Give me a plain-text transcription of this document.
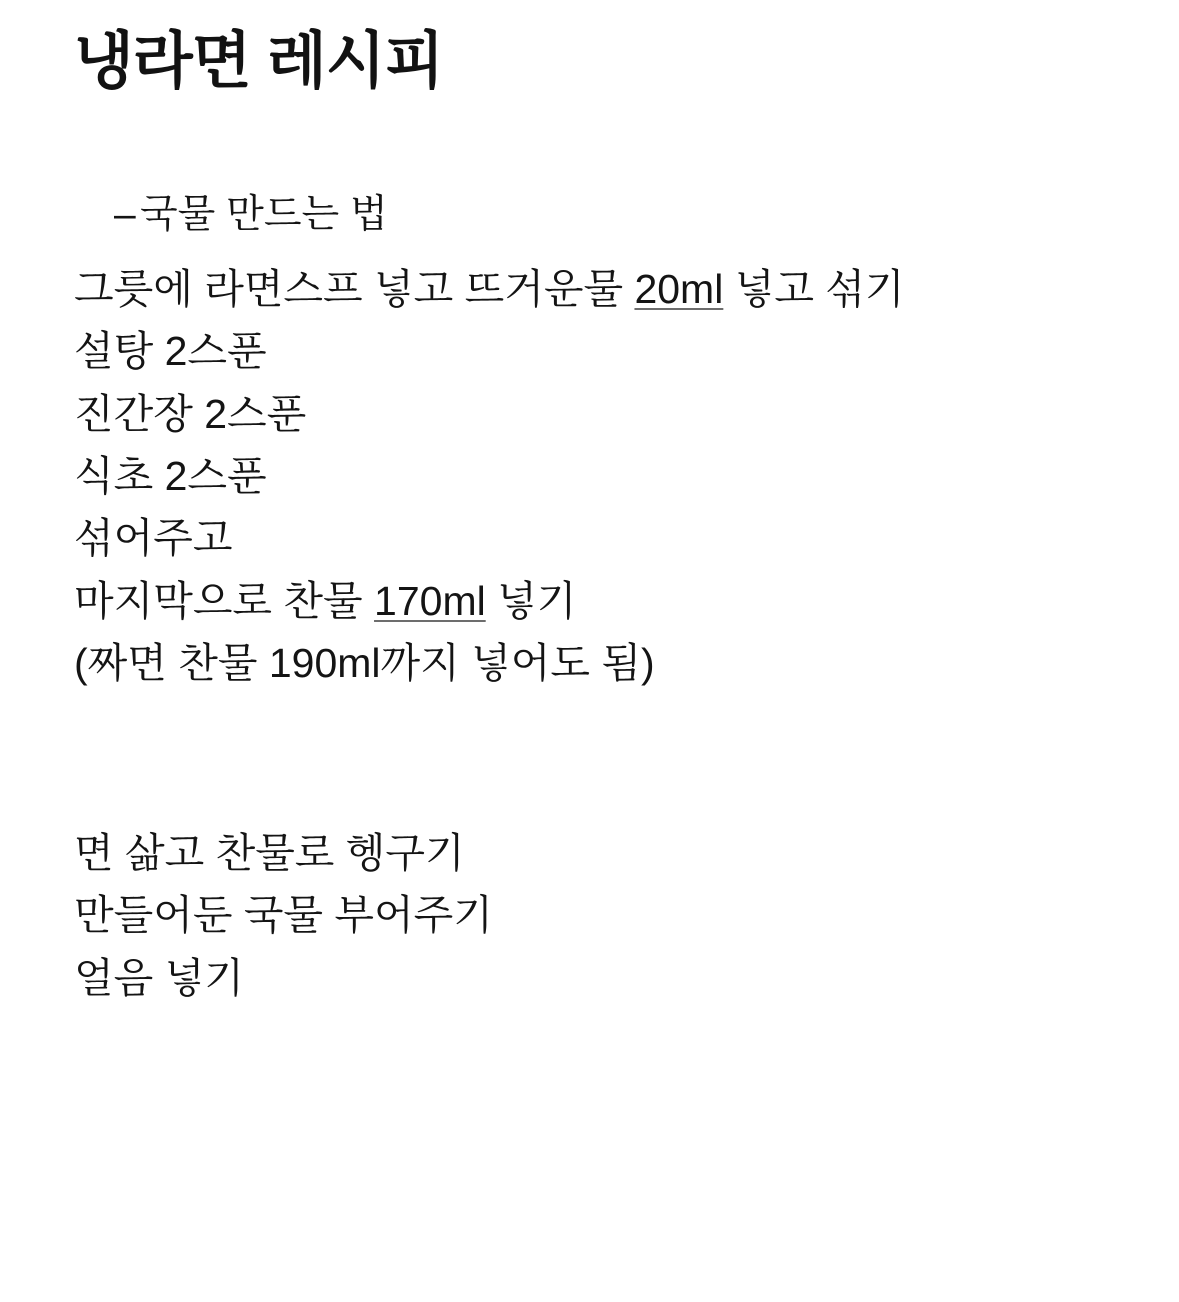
냉라면 레시피
– 국물 만드는 법

그릇에 라면스프 넣고 뜨거운물 20ml 넣고 섞기

설탕 2스푼

진간장 2스푼

식초 2스푼

섞어주고

마지막으로 찬물 170ml 넣기

(짜면 찬물 190ml까지 넣어도 됨)

면 삶고 찬물로 헹구기

만들어둔 국물 부어주기

얼음 넣기
